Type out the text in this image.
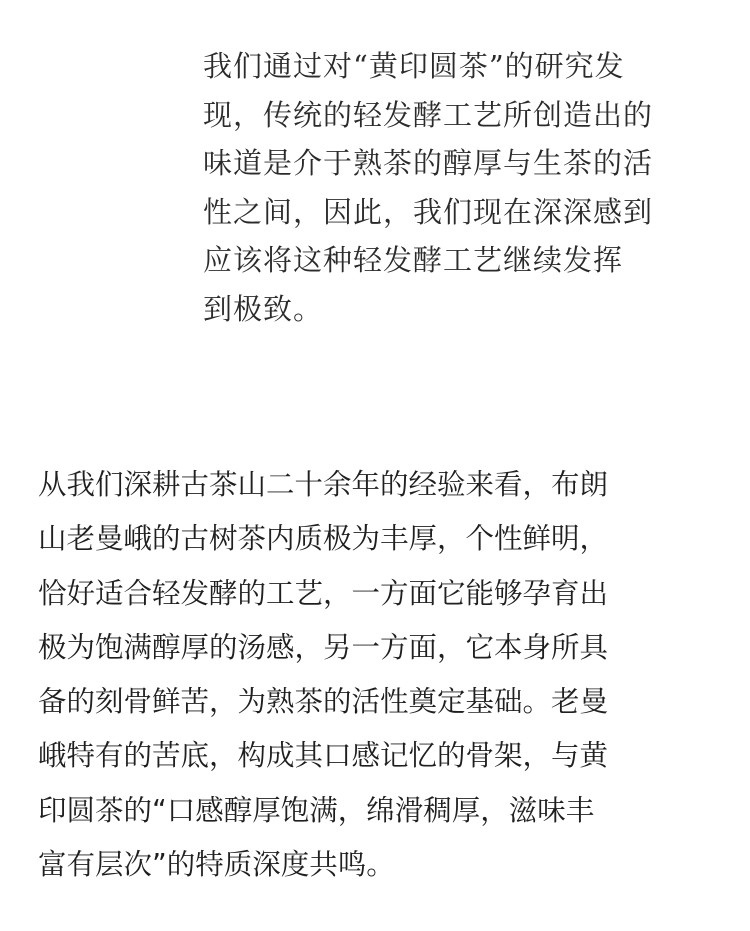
我们通过对“黄印圆茶”的研究发
现，传统的轻发酵工艺所创造出的
味道是介于熟茶的醇厚与生茶的活
性之间，因此，我们现在深深感到
应该将这种轻发酵工艺继续发挥
到极致。

从我们深耕古茶山二十余年的经验来看，布朗
山老曼峨的古树茶内质极为丰厚，个性鲜明，
恰好适合轻发酵的工艺，一方面它能够孕育出
极为饱满醇厚的汤感，另一方面，它本身所具
备的刻骨鲜苦，为熟茶的活性奠定基础。老曼
峨特有的苦底，构成其口感记忆的骨架，与黄
印圆茶的“口感醇厚饱满，绵滑稠厚，滋味丰
富有层次”的特质深度共鸣。
